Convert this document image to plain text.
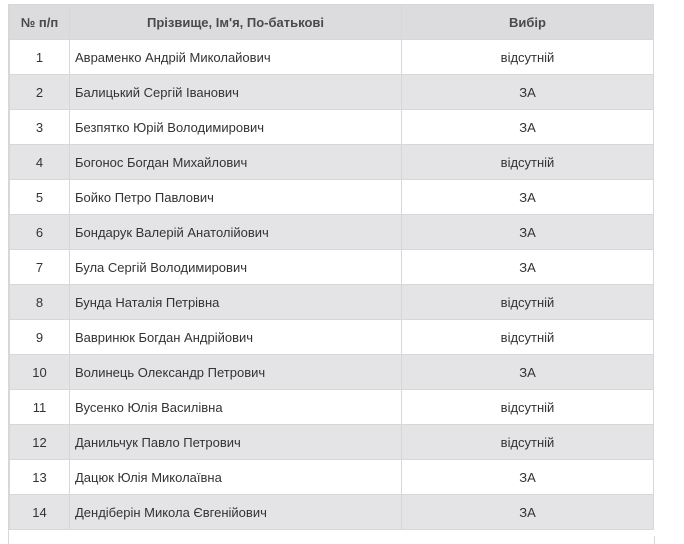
№ п/п	Прізвище, Ім'я, По-батькові	Вибір
1	Авраменко Андрій Миколайович	відсутній
2	Балицький Сергій Іванович	ЗА
3	Безпятко Юрій Володимирович	ЗА
4	Богонос Богдан Михайлович	відсутній
5	Бойко Петро Павлович	ЗА
6	Бондарук Валерій Анатолійович	ЗА
7	Була Сергій Володимирович	ЗА
8	Бунда Наталія Петрівна	відсутній
9	Вавринюк Богдан Андрійович	відсутній
10	Волинець Олександр Петрович	ЗА
11	Вусенко Юлія Василівна	відсутній
12	Данильчук Павло Петрович	відсутній
13	Дацюк Юлія Миколаївна	ЗА
14	Дендіберін Микола Євгенійович	ЗА
